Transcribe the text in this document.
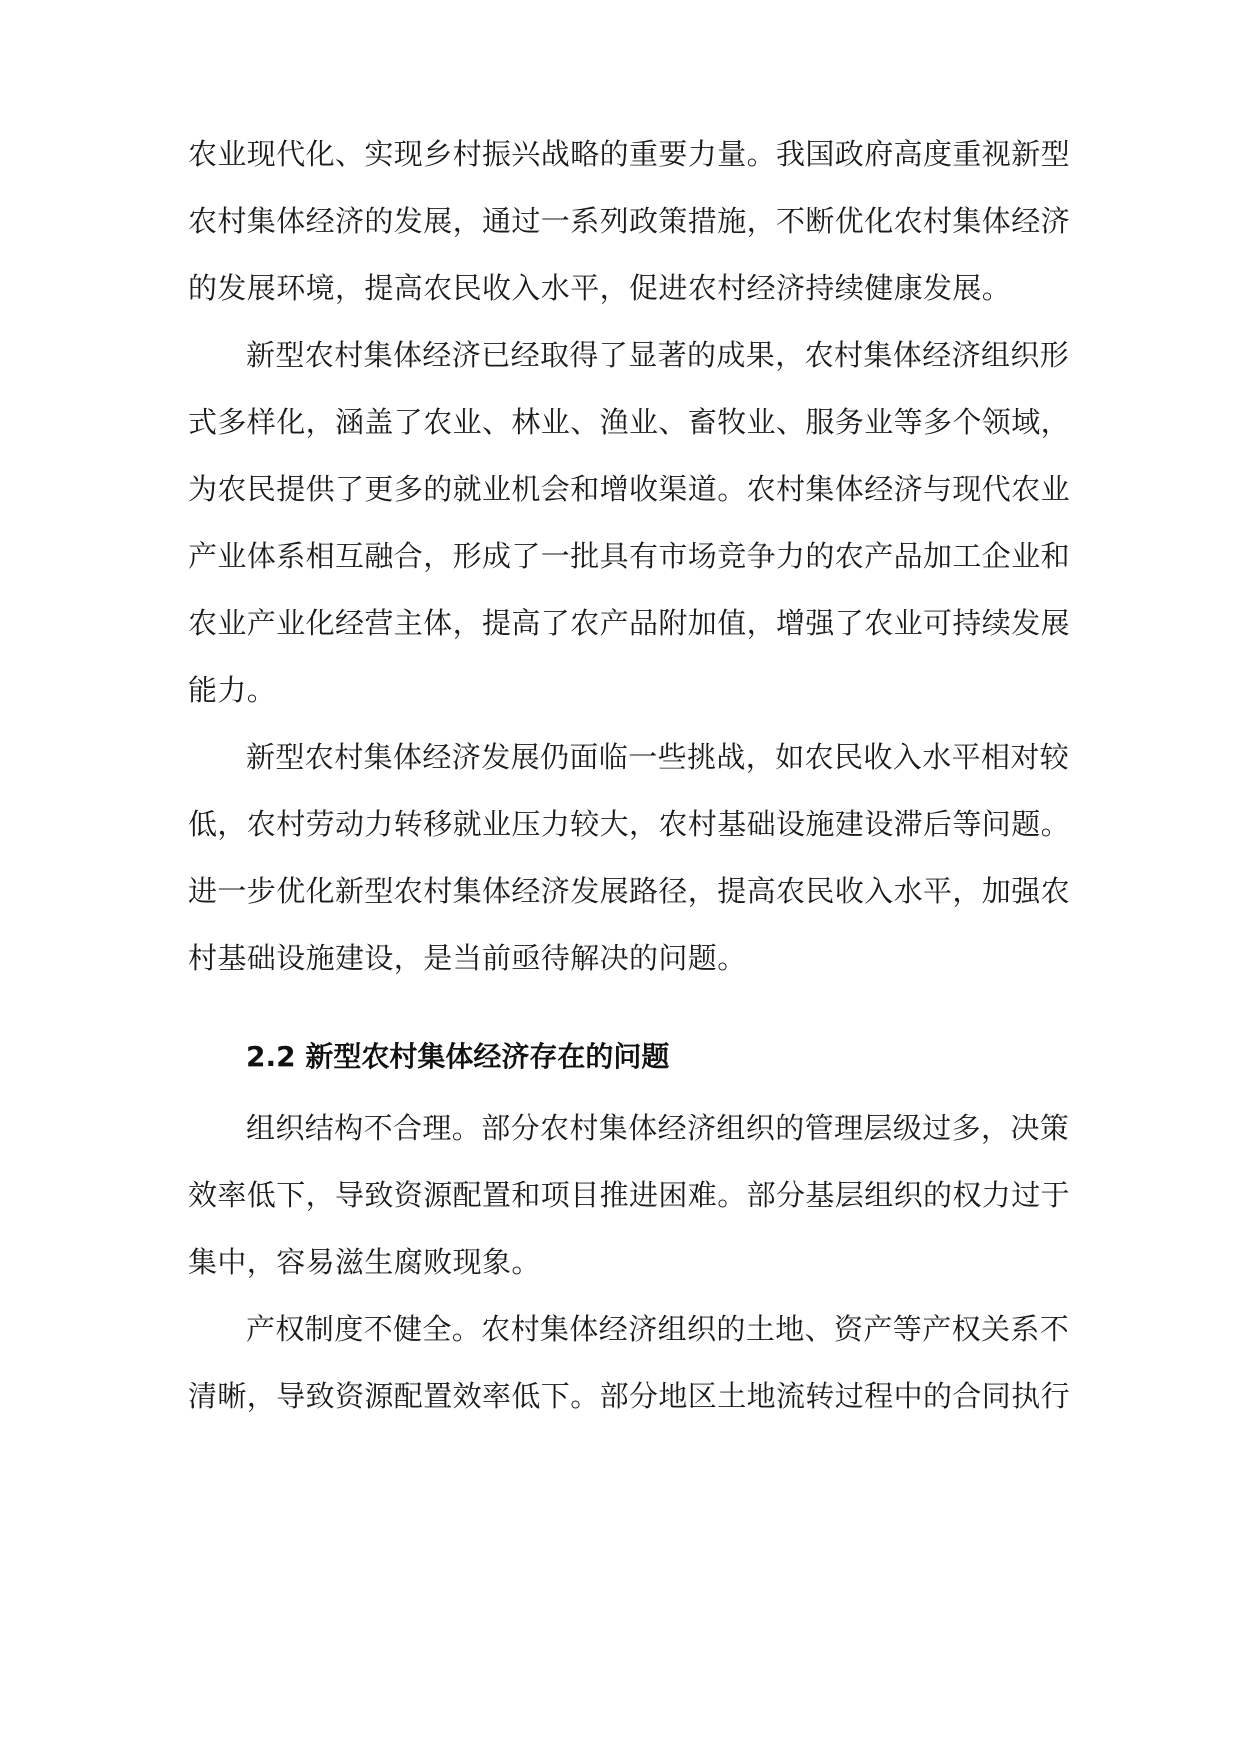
农业现代化、实现乡村振兴战略的重要力量。我国政府高度重视新型
农村集体经济的发展，通过一系列政策措施，不断优化农村集体经济
的发展环境，提高农民收入水平，促进农村经济持续健康发展。
新型农村集体经济已经取得了显著的成果，农村集体经济组织形
式多样化，涵盖了农业、林业、渔业、畜牧业、服务业等多个领域，
为农民提供了更多的就业机会和增收渠道。农村集体经济与现代农业
产业体系相互融合，形成了一批具有市场竞争力的农产品加工企业和
农业产业化经营主体，提高了农产品附加值，增强了农业可持续发展
能力。
新型农村集体经济发展仍面临一些挑战，如农民收入水平相对较
低，农村劳动力转移就业压力较大，农村基础设施建设滞后等问题。
进一步优化新型农村集体经济发展路径，提高农民收入水平，加强农
村基础设施建设，是当前亟待解决的问题。
2.2 新型农村集体经济存在的问题
组织结构不合理。部分农村集体经济组织的管理层级过多，决策
效率低下，导致资源配置和项目推进困难。部分基层组织的权力过于
集中，容易滋生腐败现象。
产权制度不健全。农村集体经济组织的土地、资产等产权关系不
清晰，导致资源配置效率低下。部分地区土地流转过程中的合同执行
